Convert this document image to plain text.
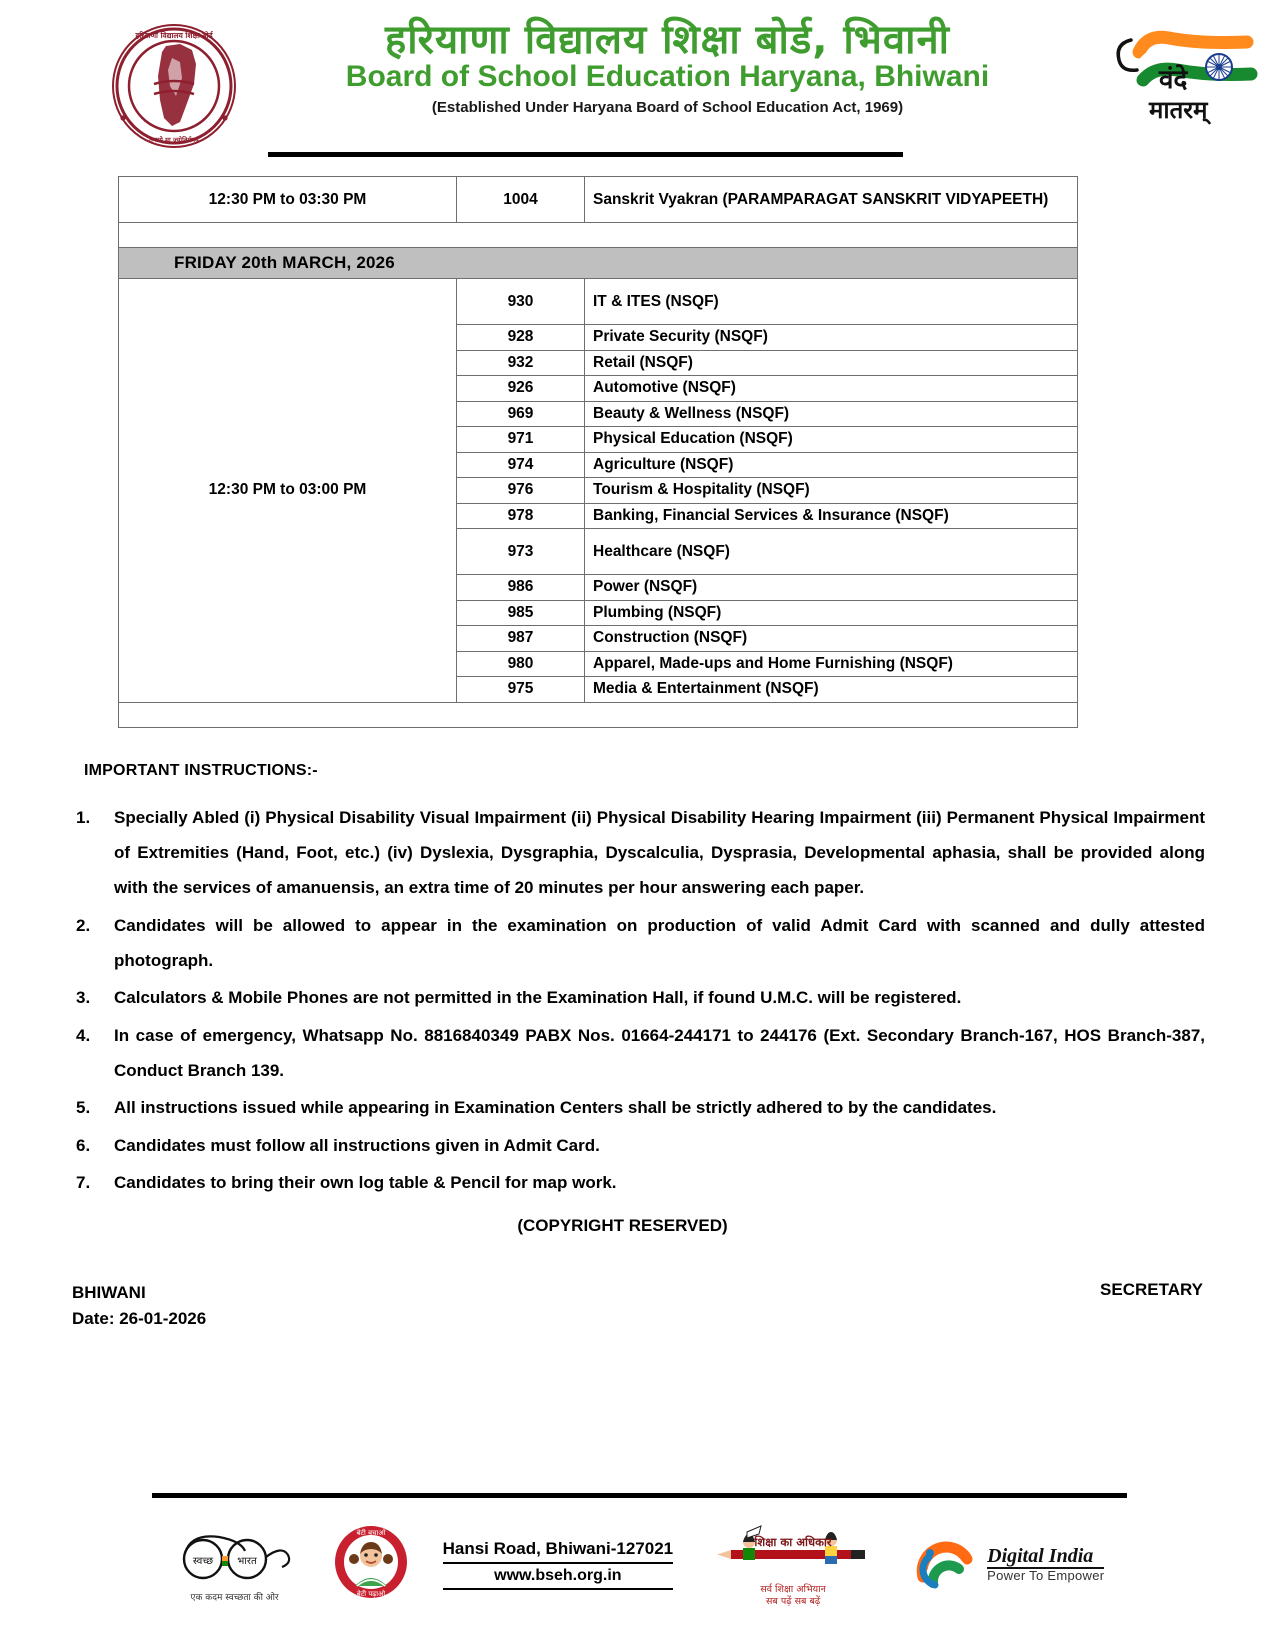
हरियाणा विद्यालय शिक्षा बोर्ड
तमसो मा ज्योतिर्गमय
हरियाणा विद्यालय शिक्षा बोर्ड, भिवानी
Board of School Education Haryana, Bhiwani
(Established Under Haryana Board of School Education Act, 1969)
वंदे
मातरम्
12:30 PM to 03:30 PM	1004	Sanskrit Vyakran (PARAMPARAGAT SANSKRIT VIDYAPEETH)

FRIDAY 20th MARCH, 2026		
12:30 PM to 03:00 PM	930	IT & ITES (NSQF)
	928	Private Security (NSQF)
	932	Retail (NSQF)
	926	Automotive (NSQF)
	969	Beauty & Wellness (NSQF)
	971	Physical Education (NSQF)
	974	Agriculture (NSQF)
	976	Tourism & Hospitality (NSQF)
	978	Banking, Financial Services & Insurance (NSQF)
	973	Healthcare (NSQF)
	986	Power (NSQF)
	985	Plumbing (NSQF)
	987	Construction (NSQF)
	980	Apparel, Made-ups and Home Furnishing (NSQF)
	975	Media & Entertainment (NSQF)

IMPORTANT INSTRUCTIONS:-
Specially Abled (i) Physical Disability Visual Impairment (ii) Physical Disability Hearing Impairment (iii) Permanent Physical Impairment of Extremities (Hand, Foot, etc.) (iv) Dyslexia, Dysgraphia, Dyscalculia, Dysprasia, Developmental aphasia, shall be provided along with the services of amanuensis, an extra time of 20 minutes per hour answering each paper.
Candidates will be allowed to appear in the examination on production of valid Admit Card with scanned and dully attested photograph.
Calculators & Mobile Phones are not permitted in the Examination Hall, if found U.M.C. will be registered.
In case of emergency, Whatsapp No. 8816840349 PABX Nos. 01664-244171 to 244176 (Ext. Secondary Branch-167, HOS Branch-387, Conduct Branch 139.
All instructions issued while appearing in Examination Centers shall be strictly adhered to by the candidates.
Candidates must follow all instructions given in Admit Card.
Candidates to bring their own log table & Pencil for map work.
(COPYRIGHT RESERVED)
BHIWANI
Date: 26-01-2026
SECRETARY
स्वच्छ भारत
एक कदम स्वच्छता की ओर
बेटी बचाओ
बेटी पढ़ाओ
Hansi Road, Bhiwani-127021
www.bseh.org.in
शिक्षा का अधिकार
सर्व शिक्षा अभियान
सब पढ़ें सब बढ़ें
Digital India
Power To Empower
